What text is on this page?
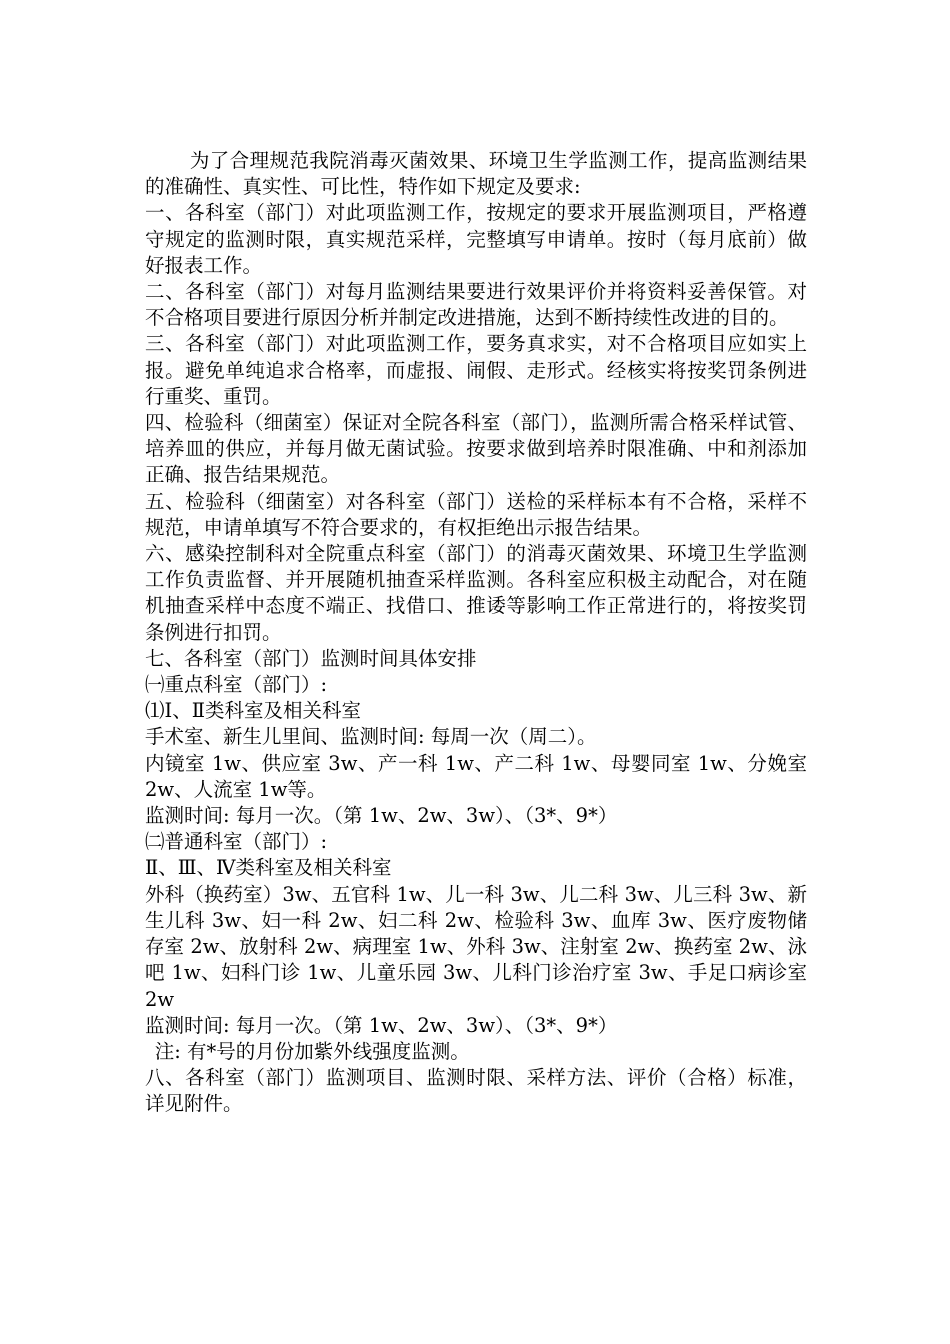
为了合理规范我院消毒灭菌效果、环境卫生学监测工作，提高监测结果的准确性、真实性、可比性，特作如下规定及要求:

一、各科室（部门）对此项监测工作，按规定的要求开展监测项目，严格遵守规定的监测时限，真实规范采样，完整填写申请单。按时（每月底前）做好报表工作。

二、各科室（部门）对每月监测结果要进行效果评价并将资料妥善保管。对不合格项目要进行原因分析并制定改进措施，达到不断持续性改进的目的。

三、各科室（部门）对此项监测工作，要务真求实，对不合格项目应如实上报。避免单纯追求合格率，而虚报、闹假、走形式。经核实将按奖罚条例进行重奖、重罚。

四、检验科（细菌室）保证对全院各科室（部门），监测所需合格采样试管、培养皿的供应，并每月做无菌试验。按要求做到培养时限准确、中和剂添加正确、报告结果规范。

五、检验科（细菌室）对各科室（部门）送检的采样标本有不合格，采样不规范，申请单填写不符合要求的，有权拒绝出示报告结果。

六、感染控制科对全院重点科室（部门）的消毒灭菌效果、环境卫生学监测工作负责监督、并开展随机抽查采样监测。各科室应积极主动配合，对在随机抽查采样中态度不端正、找借口、推诿等影响工作正常进行的，将按奖罚条例进行扣罚。

七、各科室（部门）监测时间具体安排

㈠重点科室（部门）:

⑴Ⅰ、Ⅱ类科室及相关科室

手术室、新生儿里间、监测时间: 每周一次（周二）。

内镜室 1w、供应室 3w、产一科 1w、产二科 1w、母婴同室 1w、分娩室 2w、人流室 1w等。

监测时间: 每月一次。（第 1w、2w、3w）、（3*、9*）

㈡普通科室（部门）:

Ⅱ、Ⅲ、Ⅳ类科室及相关科室

外科（换药室）3w、五官科 1w、儿一科 3w、儿二科 3w、儿三科 3w、新生儿科 3w、妇一科 2w、妇二科 2w、检验科 3w、血库 3w、医疗废物储存室 2w、放射科 2w、病理室 1w、外科 3w、注射室 2w、换药室 2w、泳吧 1w、妇科门诊 1w、儿童乐园 3w、儿科门诊治疗室 3w、手足口病诊室 2w

监测时间: 每月一次。（第 1w、2w、3w）、（3*、9*）

注: 有*号的月份加紫外线强度监测。

八、各科室（部门）监测项目、监测时限、采样方法、评价（合格）标准，详见附件。
